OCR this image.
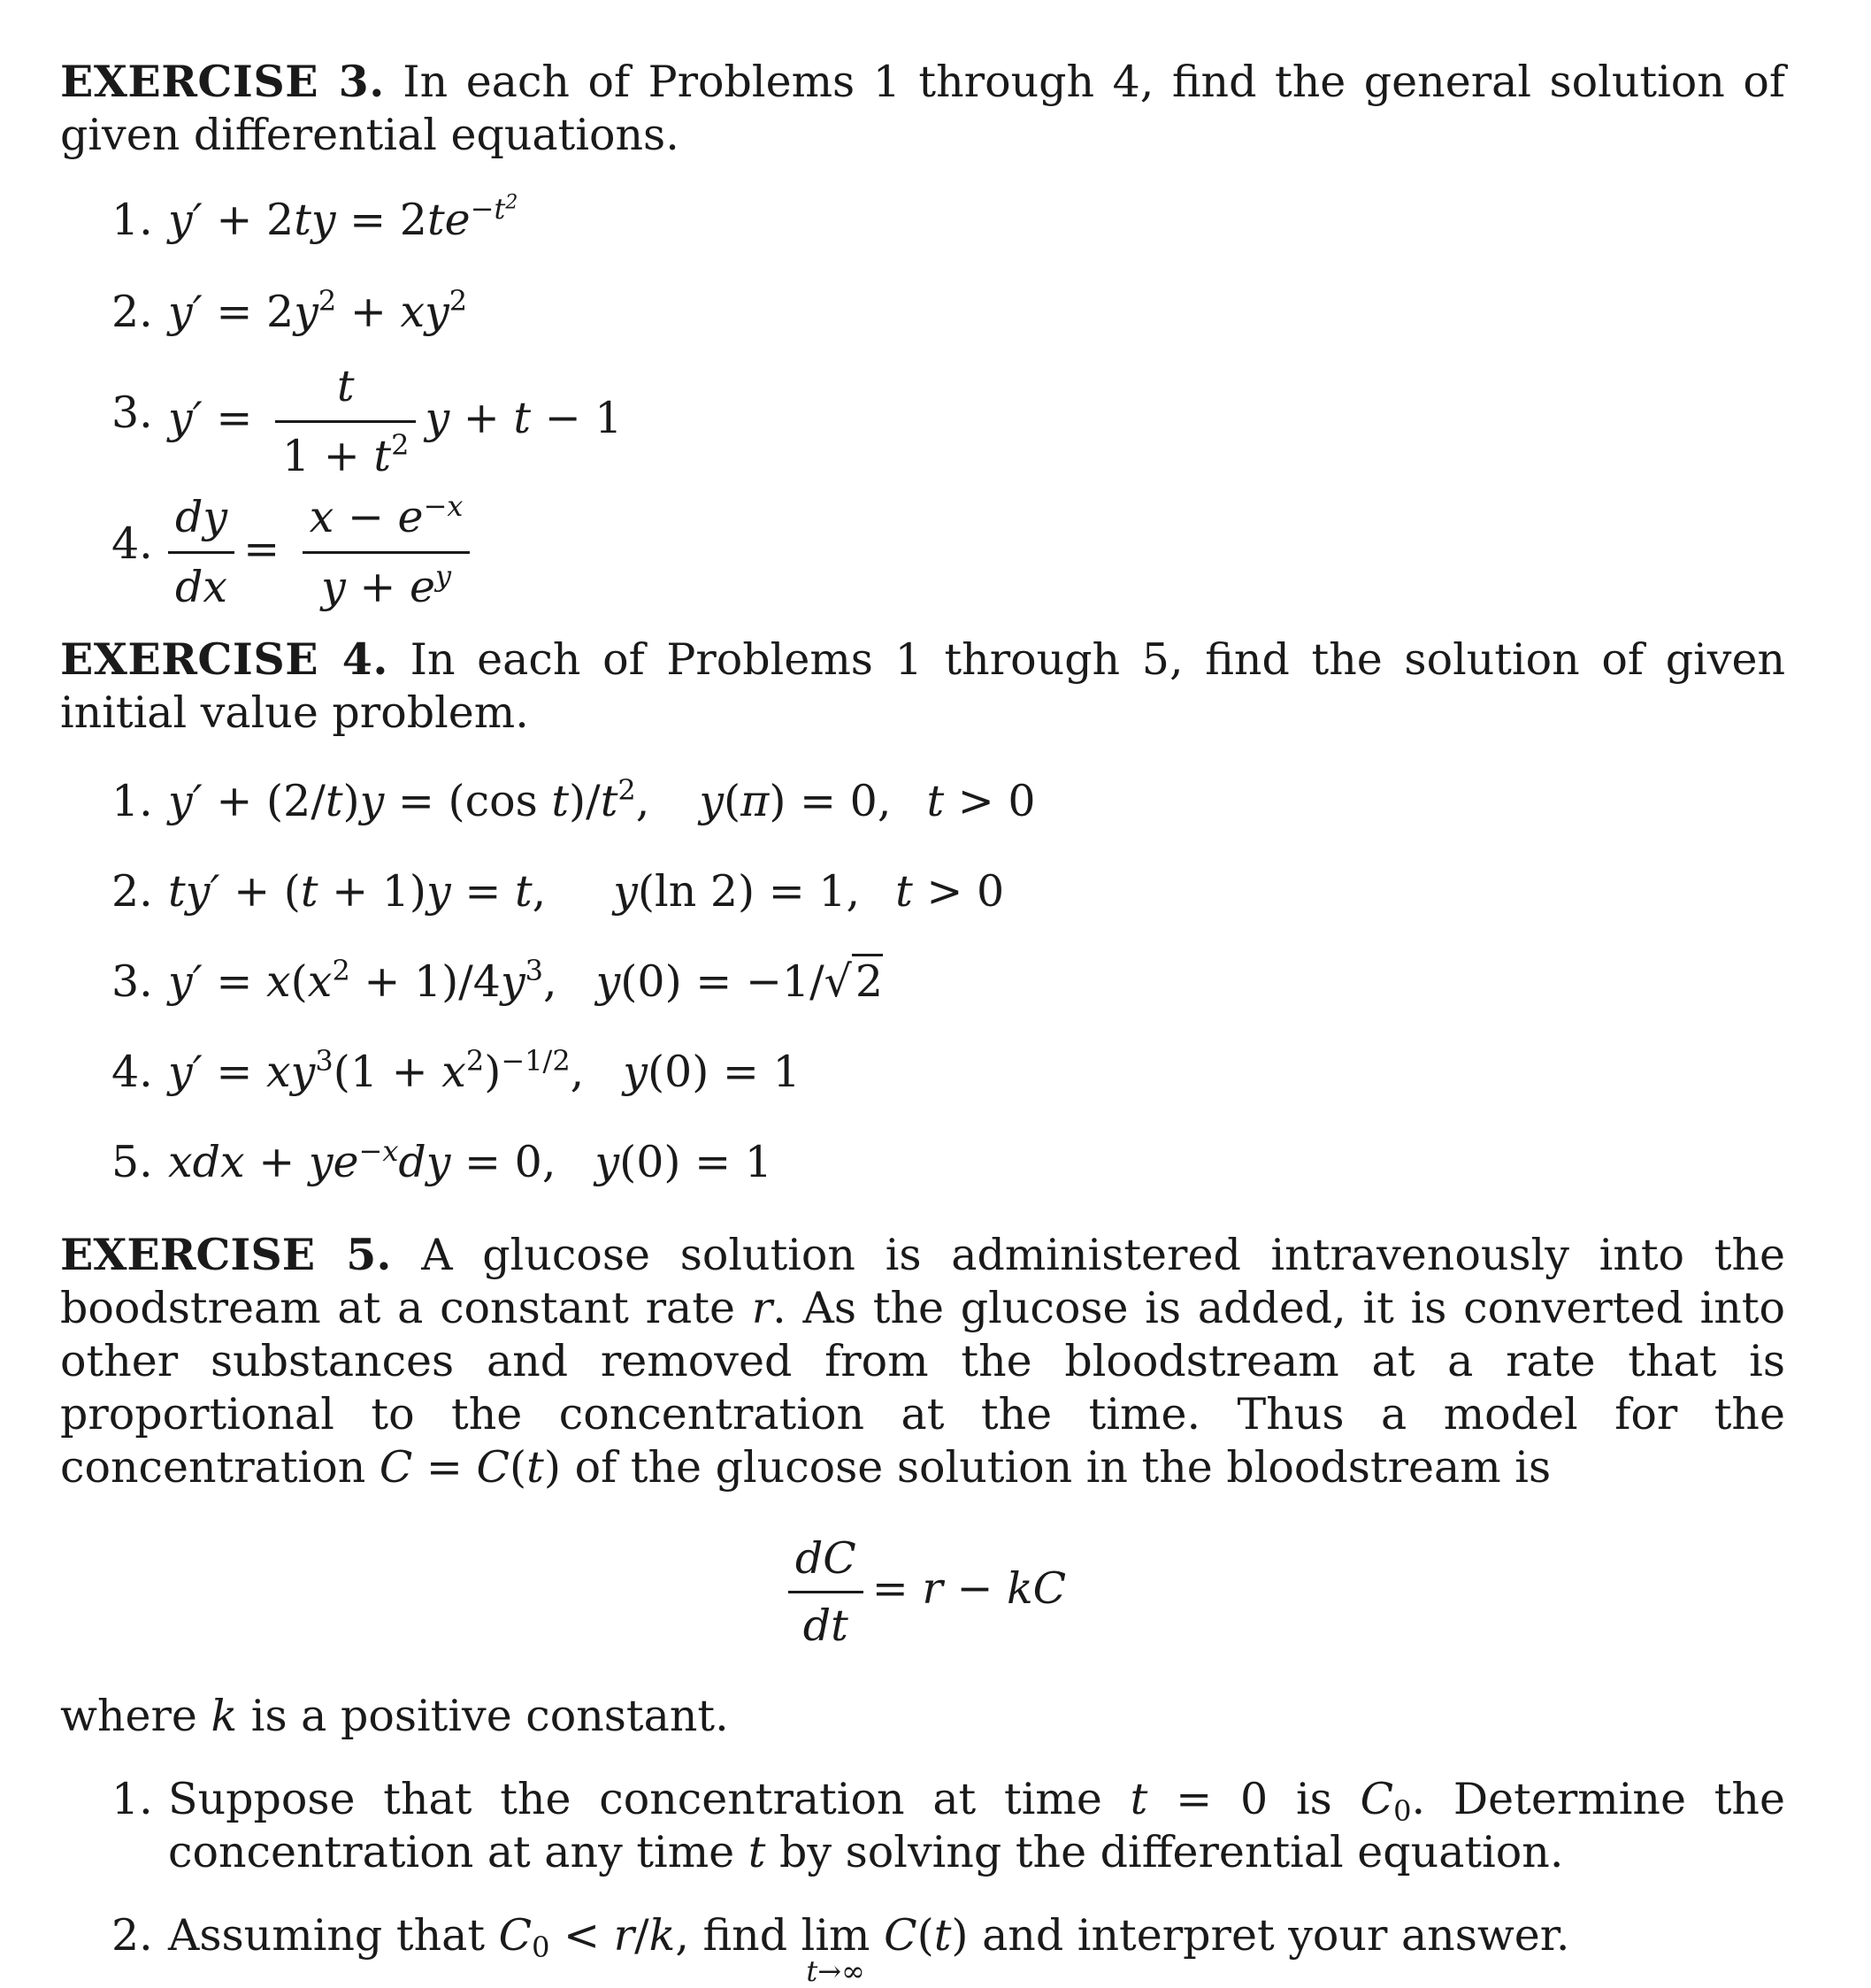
EXERCISE 3. In each of Problems 1 through 4, find the general solution of given differential equations.

1. $y' + 2ty = 2te^{-t^2}$
2. $y' = 2y^2 + xy^2$
3. $y' = \frac{t}{1 + t^2}$ y + t − 1
4. $\frac{dy}{dx} = \frac{x - e^{-x}}{y + e^y}$

EXERCISE 4. In each of Problems 1 through 5, find the solution of given initial value problem.

1. y′ + (2/t)y = (cos $t)/t^2$, y(π) = 0, t > 0
2. ty′ + (t + 1)y = t, y(ln 2) = 1, t > 0
3. $y' = x(x^2 + 1)/4y^3$, y(0) = −1/√2
4. $y' = xy^3(1 + x^2)^{-1/2}$, y(0) = 1
5. xdx + $ye^{-x}dy = 0$, y(0) = 1

EXERCISE 5. A glucose solution is administered intravenously into the boodstream at a constant rate r. As the glucose is added, it is converted into other substances and removed from the bloodstream at a rate that is proportional to the concentration at the time. Thus a model for the concentration C = C(t) of the glucose solution in the bloodstream is

$\frac{dC}{dt} = r$ − kC

where k is a positive constant.

1. Suppose that the concentration at time t = 0 is $C_0$. Determine the concentration at any time t by solving the differential equation.
2. Assuming that $C_0 < r/k$, find lim
t→∞
C(t) and interpret your answer.
